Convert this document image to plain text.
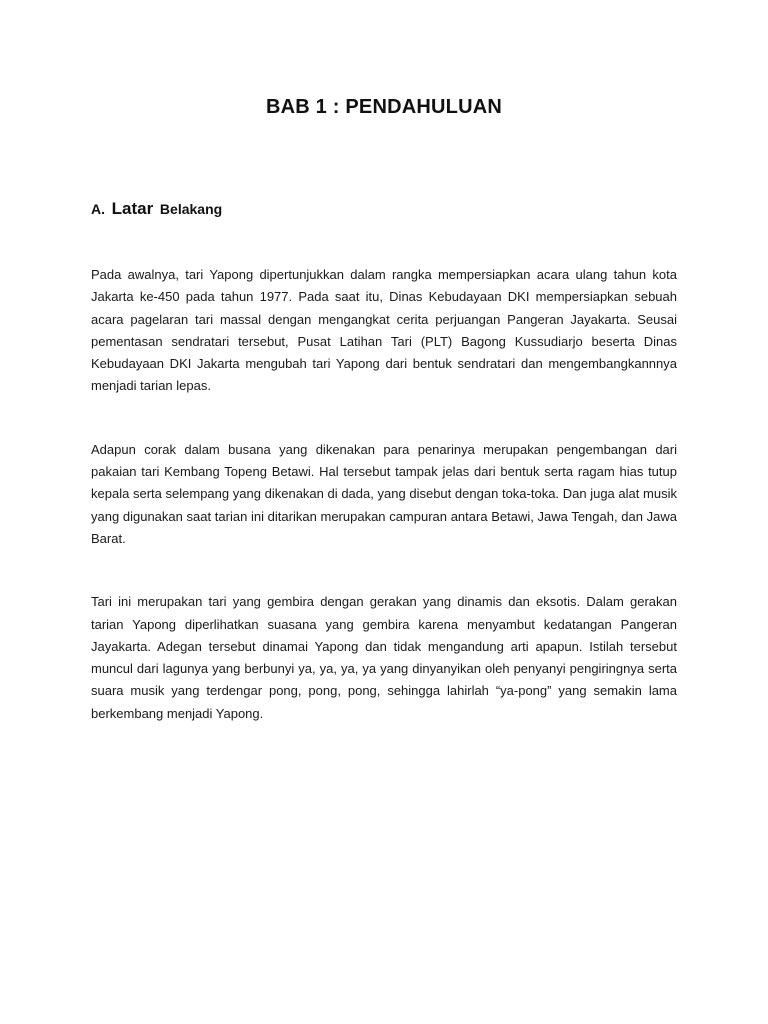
BAB 1 : PENDAHULUAN
A. Latar Belakang

Pada awalnya, tari Yapong dipertunjukkan dalam rangka mempersiapkan acara ulang tahun kota Jakarta ke-450 pada tahun 1977. Pada saat itu, Dinas Kebudayaan DKI mempersiapkan sebuah acara pagelaran tari massal dengan mengangkat cerita perjuangan Pangeran Jayakarta. Seusai pementasan sendratari tersebut, Pusat Latihan Tari (PLT) Bagong Kussudiarjo beserta Dinas Kebudayaan DKI Jakarta mengubah tari Yapong dari bentuk sendratari dan mengembangkannnya menjadi tarian lepas.

Adapun corak dalam busana yang dikenakan para penarinya merupakan pengembangan dari pakaian tari Kembang Topeng Betawi. Hal tersebut tampak jelas dari bentuk serta ragam hias tutup kepala serta selempang yang dikenakan di dada, yang disebut dengan toka-toka. Dan juga alat musik yang digunakan saat tarian ini ditarikan merupakan campuran antara Betawi, Jawa Tengah, dan Jawa Barat.

Tari ini merupakan tari yang gembira dengan gerakan yang dinamis dan eksotis. Dalam gerakan tarian Yapong diperlihatkan suasana yang gembira karena menyambut kedatangan Pangeran Jayakarta. Adegan tersebut dinamai Yapong dan tidak mengandung arti apapun. Istilah tersebut muncul dari lagunya yang berbunyi ya, ya, ya, ya yang dinyanyikan oleh penyanyi pengiringnya serta suara musik yang terdengar pong, pong, pong, sehingga lahirlah “ya-pong” yang semakin lama berkembang menjadi Yapong.
